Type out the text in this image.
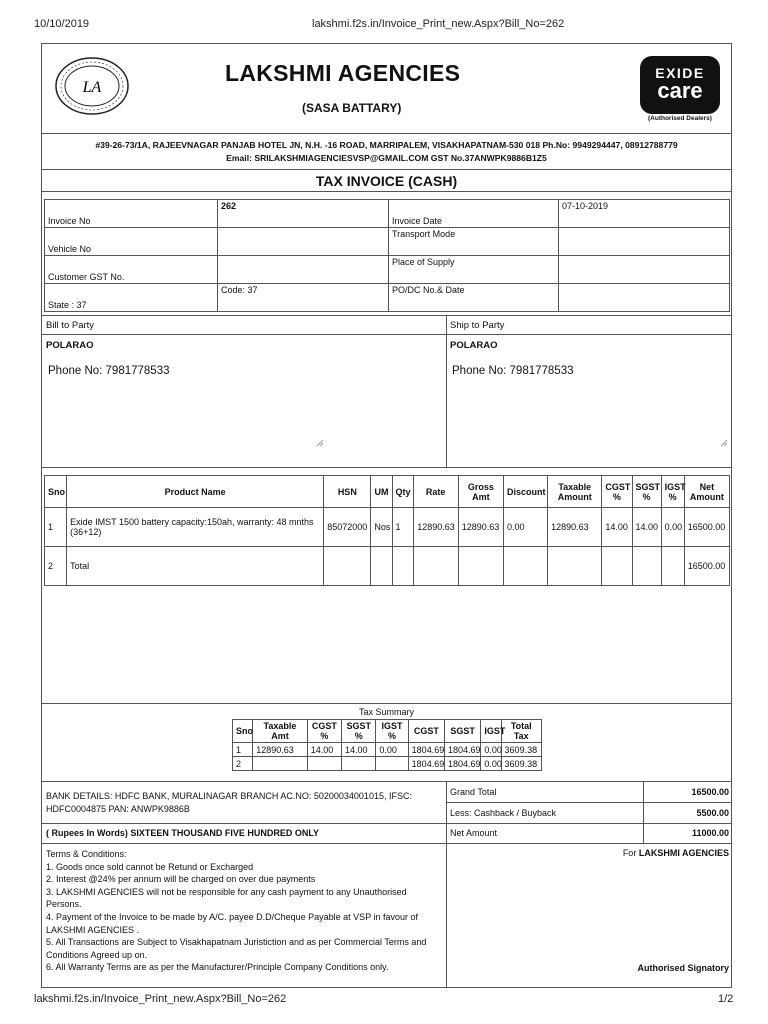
10/10/2019	lakshmi.f2s.in/Invoice_Print_new.Aspx?Bill_No=262
lakshmi.f2s.in/Invoice_Print_new.Aspx?Bill_No=262	1/2
LA
LAKSHMI AGENCIES
(SASA BATTARY)
EXIDE
care
(Authorised Dealers)
#39-26-73/1A, RAJEEVNAGAR PANJAB HOTEL JN, N.H. -16 ROAD, MARRIPALEM, VISAKHAPATNAM-530 018 Ph.No: 9949294447, 08912788779
Email: SRILAKSHMIAGENCIESVSP@GMAIL.COM GST No.37ANWPK9886B1Z5
TAX INVOICE (CASH)
Invoice No	262	Invoice Date	07-10-2019
Vehicle No		Transport Mode	
Customer GST No.		Place of Supply	
State : 37	Code: 37	PO/DC No.& Date	
Bill to Party	Ship to Party
POLARAO	POLARAO
Phone No: 7981778533	Phone No: 7981778533
Sno	Product Name	HSN	UM	Qty	Rate	Gross Amt	Discount	Taxable Amount	CGST %	SGST %	IGST %	Net Amount
1	Exide IMST 1500 battery capacity:150ah, warranty: 48 mnths (36+12)	85072000	Nos	1	12890.63	12890.63	0.00	12890.63	14.00	14.00	0.00	16500.00
2	Total											16500.00
Tax Summary
Sno	Taxable Amt	CGST %	SGST %	IGST %	CGST	SGST	IGST	Total Tax
1	12890.63	14.00	14.00	0.00	1804.69	1804.69	0.00	3609.38
2					1804.69	1804.69	0.00	3609.38
BANK DETAILS: HDFC BANK, MURALINAGAR BRANCH AC.NO: 50200034001015, IFSC: HDFC0004875 PAN: ANWPK9886B
Grand Total	16500.00
Less: Cashback / Buyback	5500.00
( Rupees In Words) SIXTEEN THOUSAND FIVE HUNDRED ONLY	Net Amount	11000.00
Terms & Conditions:
1. Goods once sold cannot be Retund or Excharged
2. Interest @24% per annum will be charged on over due payments
3. LAKSHMI AGENCIES will not be responsible for any cash payment to any Unauthorised Persons.
4. Payment of the Invoice to be made by A/C. payee D.D/Cheque Payable at VSP in favour of LAKSHMI AGENCIES .
5. All Transactions are Subject to Visakhapatnam Juristiction and as per Commercial Terms and Conditions Agreed up on.
6. All Warranty Terms are as per the Manufacturer/Principle Company Conditions only.
For LAKSHMI AGENCIES
Authorised Signatory
